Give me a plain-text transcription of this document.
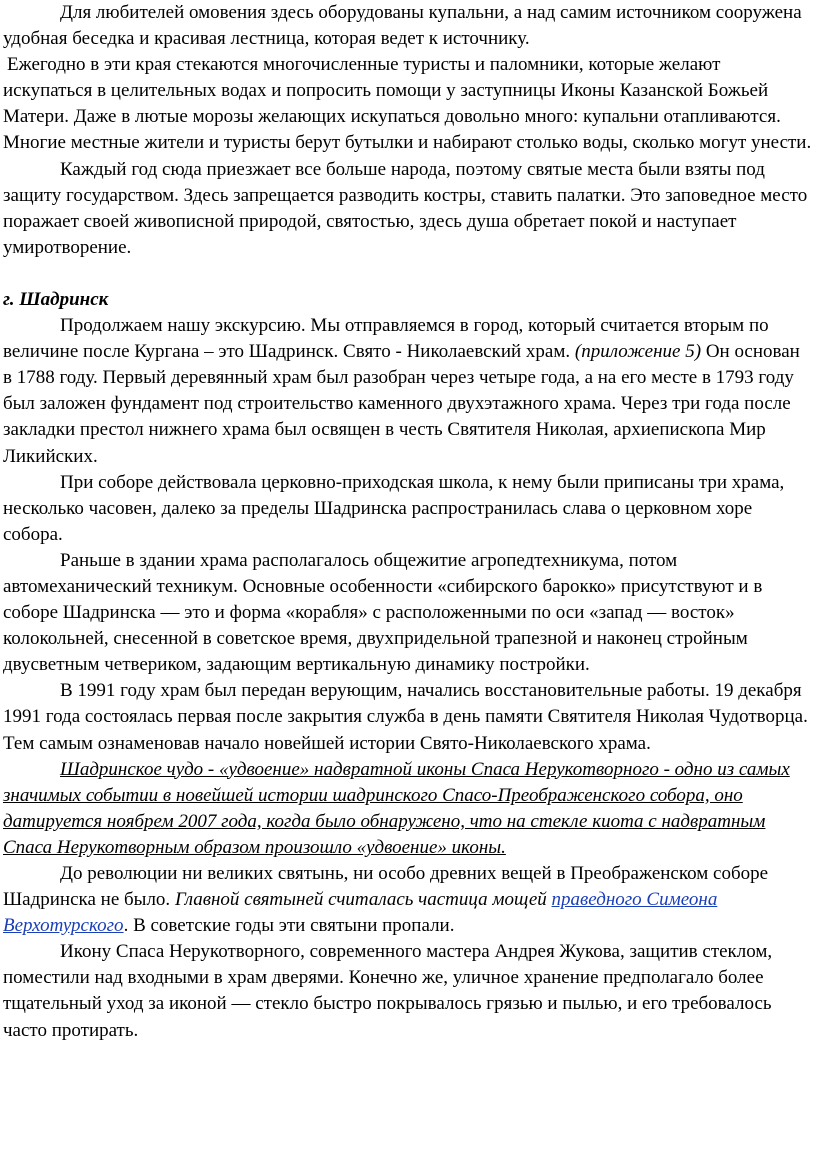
Для любителей омовения здесь оборудованы купальни, а над самим источником сооружена удобная беседка и красивая лестница, которая ведет к источнику.

Ежегодно в эти края стекаются многочисленные туристы и паломники, которые желают искупаться в целительных водах и попросить помощи у заступницы Иконы Казанской Божьей Матери. Даже в лютые морозы желающих искупаться довольно много: купальни отапливаются. Многие местные жители и туристы берут бутылки и набирают столько воды, сколько могут унести.

Каждый год сюда приезжает все больше народа, поэтому святые места были взяты под защиту государством. Здесь запрещается разводить костры, ставить палатки. Это заповедное место поражает своей живописной природой, святостью, здесь душа обретает покой и наступает умиротворение.

г. Шадринск

Продолжаем нашу экскурсию. Мы отправляемся в город, который считается вторым по величине после Кургана – это Шадринск. Свято - Николаевский храм. (приложение 5) Он основан в 1788 году. Первый деревянный храм был разобран через четыре года, а на его месте в 1793 году был заложен фундамент под строительство каменного двухэтажного храма. Через три года после закладки престол нижнего храма был освящен в честь Святителя Николая, архиепископа Мир Ликийских.

При соборе действовала церковно-приходская школа, к нему были приписаны три храма, несколько часовен, далеко за пределы Шадринска распространилась слава о церковном хоре собора.

Раньше в здании храма располагалось общежитие агропедтехникума, потом автомеханический техникум. Основные особенности «сибирского барокко» присутствуют и в соборе Шадринска — это и форма «корабля» с расположенными по оси «запад — восток» колокольней, снесенной в советское время, двухпридельной трапезной и наконец стройным двусветным четвериком, задающим вертикальную динамику постройки.

В 1991 году храм был передан верующим, начались восстановительные работы. 19 декабря 1991 года состоялась первая после закрытия служба в день памяти Святителя Николая Чудотворца. Тем самым ознаменовав начало новейшей истории Свято-Николаевского храма.

Шадринское чудо - «удвоение» надвратной иконы Спаса Нерукотворного - одно из самых значимых событии в новейшей истории шадринского Спасо-Преображенского собора, оно датируется ноябрем 2007 года, когда было обнаружено, что на стекле киота с надвратным Спаса Нерукотворным образом произошло «удвоение» иконы.

До революции ни великих святынь, ни особо древних вещей в Преображенском соборе Шадринска не было. Главной святыней считалась частица мощей праведного Симеона Верхотурского. В советские годы эти святыни пропали.

Икону Спаса Нерукотворного, современного мастера Андрея Жукова, защитив стеклом, поместили над входными в храм дверями. Конечно же, уличное хранение предполагало более тщательный уход за иконой — стекло быстро покрывалось грязью и пылью, и его требовалось часто протирать.
